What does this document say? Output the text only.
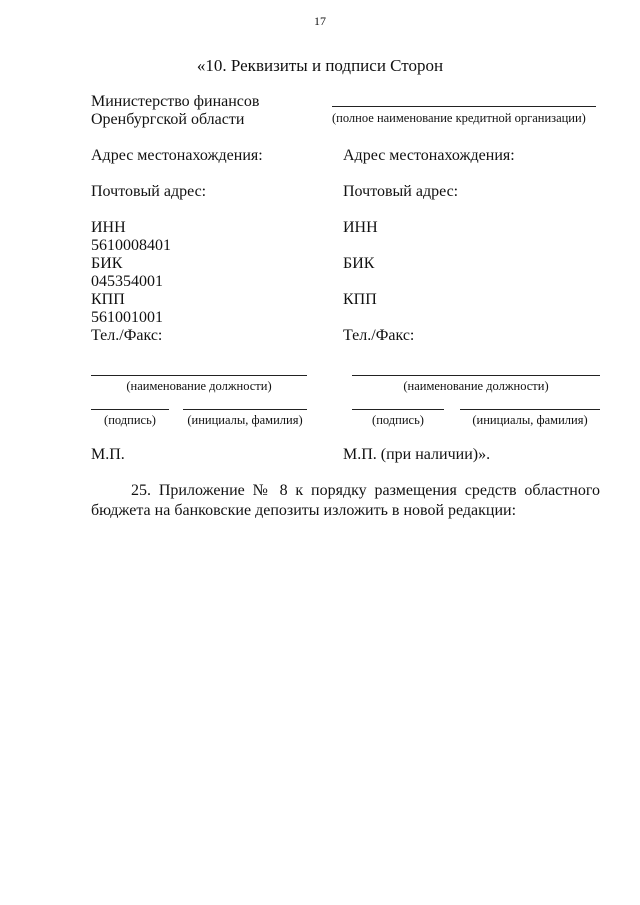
17
«10. Реквизиты и подписи Сторон
Министерство финансов
Оренбургской области
Адрес местонахождения:
Почтовый адрес:
ИНН
5610008401
БИК
045354001
КПП
561001001
Тел./Факс:
(наименование должности)
(подпись)	(инициалы, фамилия)
М.П.
(полное наименование кредитной организации)
Адрес местонахождения:
Почтовый адрес:
ИНН
БИК
КПП
Тел./Факс:
(наименование должности)
(подпись)	(инициалы, фамилия)
М.П. (при наличии)».

25. Приложение № 8 к порядку размещения средств областного бюджета на банковские депозиты изложить в новой редакции:
